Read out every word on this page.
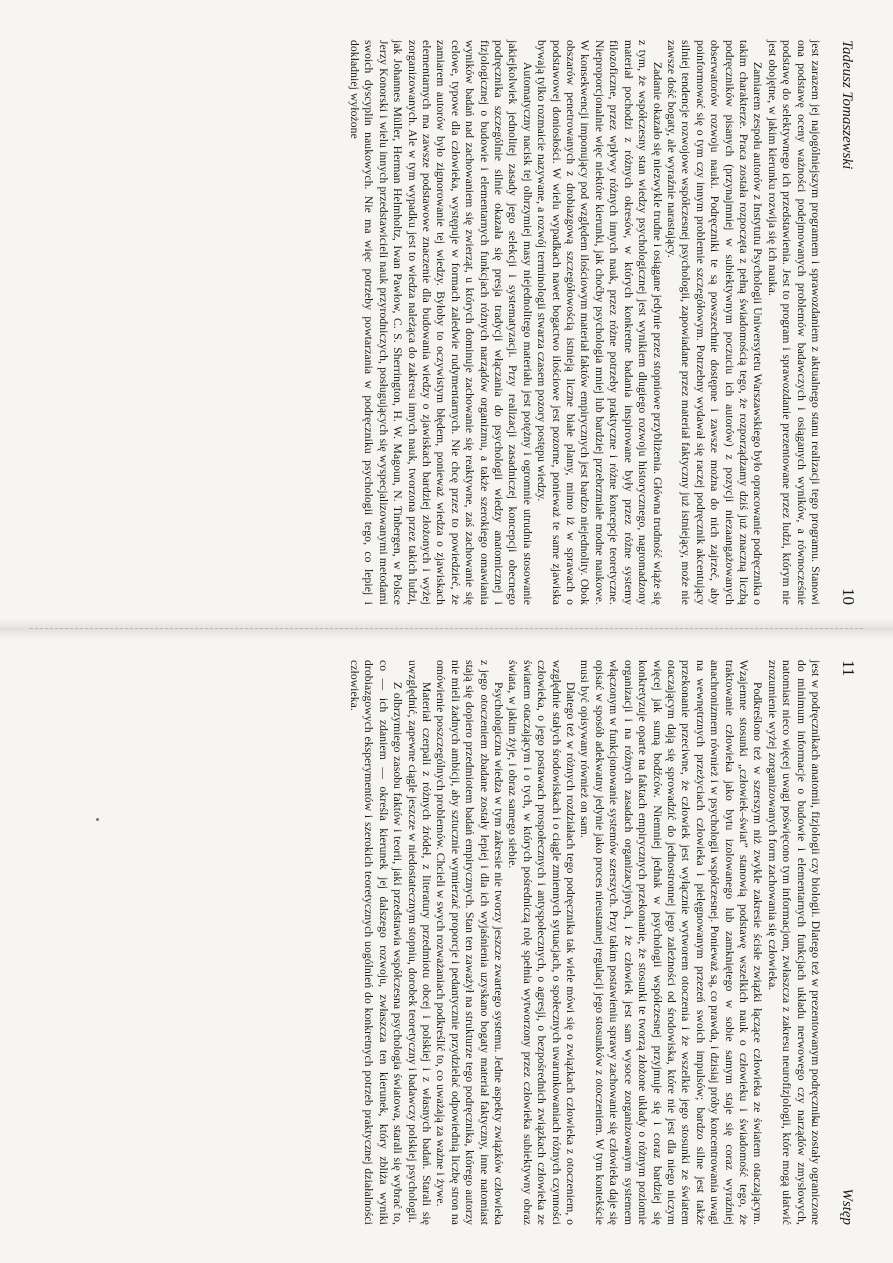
Tadeusz Tomaszewski
10

jest zarazem jej najogólniejszym programem i sprawozdaniem z aktualnego stanu realizacji tego programu. Stanowi ona podstawę oceny ważności podejmowanych problemów badawczych i osiąganych wyników, a równocześnie podstawę do selektywnego ich przedstawienia. Jest to program i sprawozdanie prezentowane przez ludzi, którym nie jest obojętne, w jakim kierunku rozwija się ich nauka.

Zamiarem zespołu autorów z Instytutu Psychologii Uniwersytetu Warszawskiego było opracowanie podręcznika o takim charakterze. Praca została rozpoczęta z pełną świadomością tego, że rozporządzamy dziś już znaczną liczbą podręczników pisanych (przynajmniej w subiektywnym poczuciu ich autorów) z pozycji niezaangażowanych obserwatorów rozwoju nauki. Podręczniki te są powszechnie dostępne i zawsze można do nich zajrzeć, aby poinformować się o tym czy innym problemie szczegółowym. Potrzebny wydawał się raczej podręcznik akcentujący silniej tendencje rozwojowe współczesnej psychologii, zapowiadane przez materiał faktyczny już istniejący, może nie zawsze dość bogaty, ale wyraźnie narastający.

Zadanie okazało się niezwykle trudne i osiągane jedynie przez stopniowe przybliżenia. Główna trudność wiąże się z tym, że współczesny stan wiedzy psychologicznej jest wynikiem długiego rozwoju historycznego, nagromadzony materiał pochodzi z różnych okresów, w których konkretne badania inspirowane były przez różne systemy filozoficzne, przez wpływy różnych innych nauk, przez różne potrzeby praktyczne i różne koncepcje teoretyczne. Nieproporcjonalnie więc niektóre kierunki, jak choćby psychologia mniej lub bardziej przebrzmiałe modne naukowe. W konsekwencji imponujący pod względem ilościowym materiał faktów empirycznych jest bardzo niejednolity. Obok obszarów penetrowanych z drobiazgową szczegółowością istnieją liczne białe plamy, mimo iż w sprawach o podstawowej doniosłości. W wielu wypadkach nawet bogactwo ilościowe jest pozorne, ponieważ te same zjawiska bywają tylko rozmaicie nazywane, a rozwój terminologii stwarza czasem pozory postępu wiedzy.

Automatyczny nacisk tej olbrzymiej masy niejednolitego materiału jest potężny i ogromnie utrudnia stosowanie jakiejkolwiek jednolitej zasady jego selekcji i systematyzacji. Przy realizacji zasadniczej koncepcji obecnego podręcznika szczególnie silnie okazała się presja tradycji włączania do psychologii wiedzy anatomicznej i fizjologicznej o budowie i elementarnych funkcjach różnych narządów organizmu, a także szerokiego omawiania wyników badań nad zachowaniem się zwierząt, u których dominuje zachowanie się reaktywne, zaś zachowanie się celowe, typowe dla człowieka, występuje w formach zaledwie rudymentarnych. Nie chcę przez to powiedzieć, że zamiarem autorów było zignorowanie tej wiedzy. Byłoby to oczywistym błędem, ponieważ wiedza o zjawiskach elementarnych ma zawsze podstawowe znaczenie dla budowania wiedzy o zjawiskach bardziej złożonych i wyżej zorganizowanych. Ale w tym wypadku jest to wiedza należąca do zakresu innych nauk, tworzona przez takich ludzi, jak Johannes Müller, Herman Helmholtz, Iwan Pawłow, C. S. Sherrington, H. W. Magoun, N. Tinbergen, w Polsce Jerzy Konorski i wielu innych przedstawicieli nauk przyrodniczych, posługujących się wyspecjalizowanymi metodami swoich dyscyplin naukowych. Nie ma więc potrzeby powtarzania w podręczniku psychologii tego, co lepiej i dokładniej wyłożone

11
Wstęp

jest w podręcznikach anatomii, fizjologii czy biologii. Dlatego też w prezentowanym podręczniku zostały ograniczone do minimum informacje o budowie i elementarnych funkcjach układu nerwowego czy narządów zmysłowych, natomiast nieco więcej uwagi poświęcono tym informacjom, zwłaszcza z zakresu neurofizjologii, które mogą ułatwić zrozumienie wyżej zorganizowanych form zachowania się człowieka.

Podkreślono też w szerszym niż zwykle zakresie ścisłe związki łączące człowieka ze światem otaczającym. Wzajemne stosunki „człowiek–świat” stanowią podstawę wszelkich nauk o człowieku i świadomość tego, że traktowanie człowieka jako bytu izolowanego lub zamkniętego w sobie samym staje się coraz wyraźniej anachronizmem również i w psychologii współczesnej. Ponieważ są, co prawda, i dzisiaj próby koncentrowania uwagi na wewnętrznych przeżyciach człowieka i pielęgnowanym przezeń swoich impulsów; bardzo silne jest także przekonanie przeciwne, że człowiek jest wyłącznie wytworem otoczenia i że wszelkie jego stosunki ze światem otaczającym dają się sprowadzić do jednostronnej jego zależności od środowiska, które nie jest dla niego niczym więcej jak sumą bodźców. Niemniej jednak w psychologii współczesnej przyjmuje się i coraz bardziej się konkretyzuje oparte na faktach empirycznych przekonanie, że stosunki te tworzą złożone układy o różnym poziomie organizacji i na różnych zasadach organizacyjnych, i że człowiek jest sam wysoce zorganizowanym systemem włączonym w funkcjonowanie systemów szerszych. Przy takim postawieniu sprawy zachowanie się człowieka daje się opisać w sposób adekwatny jedynie jako proces nieustannej regulacji jego stosunków z otoczeniem. W tym kontekście musi być opisywany również on sam.

Dlatego też w różnych rozdziałach tego podręcznika tak wiele mówi się o związkach człowieka z otoczeniem, o względnie stałych środowiskach i o ciągle zmiennych sytuacjach, o społecznych uwarunkowaniach różnych czynności człowieka, o jego postawach prospołecznych i antyspołecznych, o agresji, o bezpośrednich związkach człowieka ze światem otaczającym i o tych, w których pośredniczą rolę spełnia wytworzony przez człowieka subiektywny obraz świata, w jakim żyje, i obraz samego siebie.

Psychologiczna wiedza w tym zakresie nie tworzy jeszcze zwartego systemu. Jedne aspekty związków człowieka z jego otoczeniem zbadane zostały lepiej i dla ich wyjaśnienia uzyskano bogaty materiał faktyczny, inne natomiast stają się dopiero przedmiotem badań empirycznych. Stan ten zaważył na strukturze tego podręcznika, którego autorzy nie mieli żadnych ambicji, aby sztucznie wymierzać proporcje i pedantycznie przydzielać odpowiednią liczbę stron na omówienie poszczególnych problemów. Chcieli w swych rozważaniach podkreślić to, co uważają za ważne i żywe.

Materiał czerpali z różnych źródeł, z literatury przedmiotu obcej i polskiej i z własnych badań. Starali się uwzględnić, zapewne ciągle jeszcze w niedostatecznym stopniu, dorobek teoretyczny i badawczy polskiej psychologii.

Z olbrzymiego zasobu faktów i teorii, jaki przedstawia współczesna psychologia światowa, starali się wybrać to, co — ich zdaniem — określa kierunek jej dalszego rozwoju, zwłaszcza ten kierunek, który zbliża wyniki drobiazgowych eksperymentów i szerokich teoretycznych uogólnień do konkretnych potrzeb praktycznej działalności człowieka.
